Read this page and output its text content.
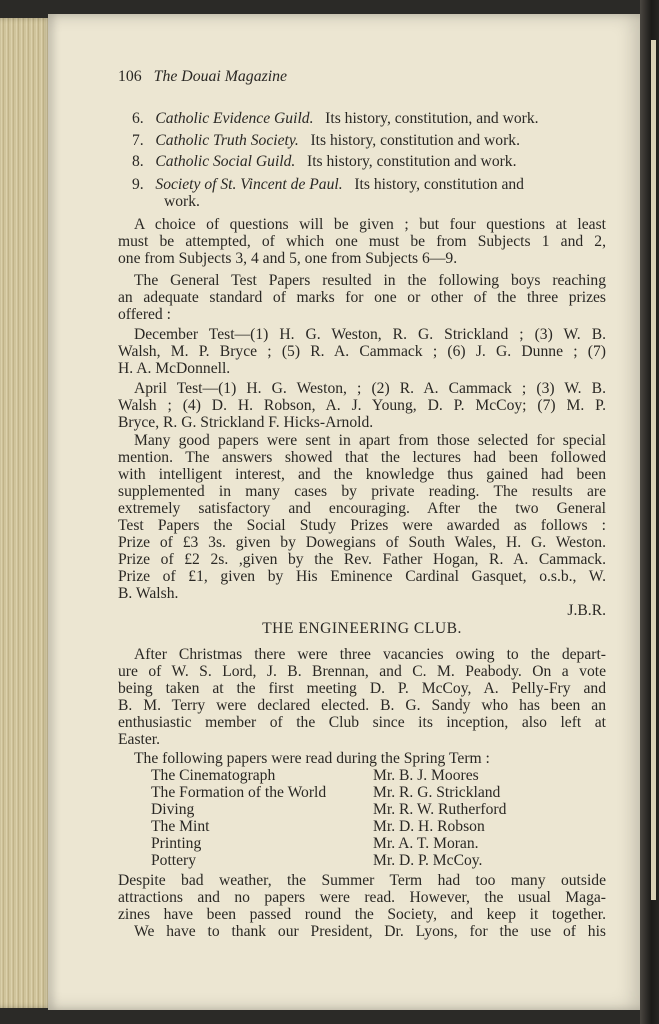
106 The Douai Magazine
6. Catholic Evidence Guild. Its history, constitution, and work.
7. Catholic Truth Society. Its history, constitution and work.
8. Catholic Social Guild. Its history, constitution and work.
9. Society of St. Vincent de Paul. Its history, constitution and
work.
A choice of questions will be given ; but four questions at least
must be attempted, of which one must be from Subjects 1 and 2,
one from Subjects 3, 4 and 5, one from Subjects 6—9.
The General Test Papers resulted in the following boys reaching
an adequate standard of marks for one or other of the three prizes
offered :
December Test—(1) H. G. Weston, R. G. Strickland ; (3) W. B.
Walsh, M. P. Bryce ; (5) R. A. Cammack ; (6) J. G. Dunne ; (7)
H. A. McDonnell.
April Test—(1) H. G. Weston, ; (2) R. A. Cammack ; (3) W. B.
Walsh ; (4) D. H. Robson, A. J. Young, D. P. McCoy; (7) M. P.
Bryce, R. G. Strickland F. Hicks-Arnold.
Many good papers were sent in apart from those selected for special
mention. The answers showed that the lectures had been followed
with intelligent interest, and the knowledge thus gained had been
supplemented in many cases by private reading. The results are
extremely satisfactory and encouraging. After the two General
Test Papers the Social Study Prizes were awarded as follows :
Prize of £3 3s. given by Dowegians of South Wales, H. G. Weston.
Prize of £2 2s. ,given by the Rev. Father Hogan, R. A. Cammack.
Prize of £1, given by His Eminence Cardinal Gasquet, o.s.b., W.
B. Walsh.
J.B.R.
THE ENGINEERING CLUB.
After Christmas there were three vacancies owing to the depart-
ure of W. S. Lord, J. B. Brennan, and C. M. Peabody. On a vote
being taken at the first meeting D. P. McCoy, A. Pelly-Fry and
B. M. Terry were declared elected. B. G. Sandy who has been an
enthusiastic member of the Club since its inception, also left at
Easter.
The following papers were read during the Spring Term :
The Cinematograph	Mr. B. J. Moores
The Formation of the World	Mr. R. G. Strickland
Diving	Mr. R. W. Rutherford
The Mint	Mr. D. H. Robson
Printing	Mr. A. T. Moran.
Pottery	Mr. D. P. McCoy.
Despite bad weather, the Summer Term had too many outside
attractions and no papers were read. However, the usual Maga-
zines have been passed round the Society, and keep it together.
We have to thank our President, Dr. Lyons, for the use of his
